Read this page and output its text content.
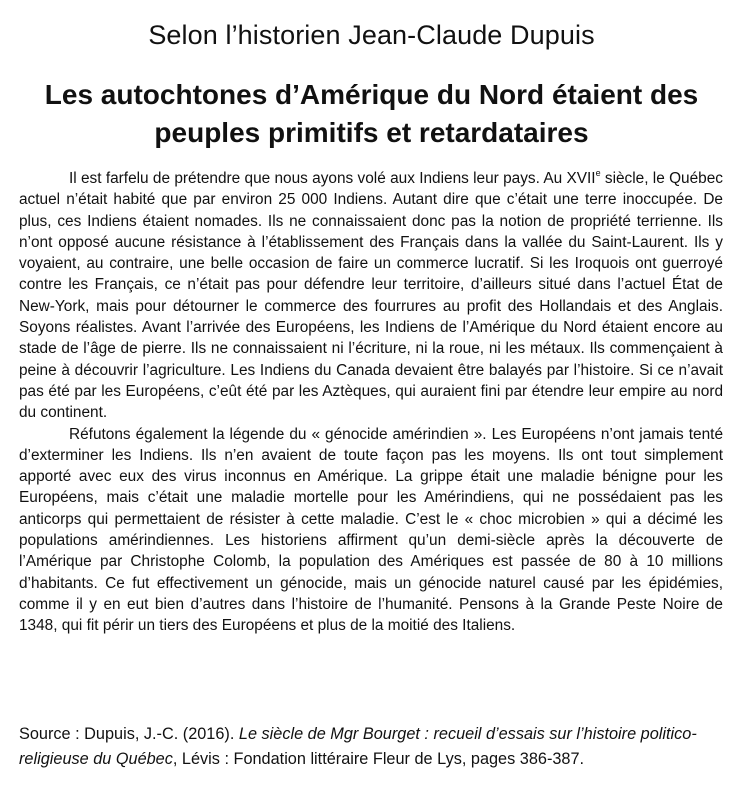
Selon l’historien Jean-Claude Dupuis
Les autochtones d’Amérique du Nord étaient des peuples primitifs et retardataires

Il est farfelu de prétendre que nous ayons volé aux Indiens leur pays. Au XVIIe siècle, le Québec actuel n’était habité que par environ 25 000 Indiens. Autant dire que c’était une terre inoccupée. De plus, ces Indiens étaient nomades. Ils ne connaissaient donc pas la notion de propriété terrienne. Ils n’ont opposé aucune résistance à l’établissement des Français dans la vallée du Saint-Laurent. Ils y voyaient, au contraire, une belle occasion de faire un commerce lucratif. Si les Iroquois ont guerroyé contre les Français, ce n’était pas pour défendre leur territoire, d’ailleurs situé dans l’actuel État de New-York, mais pour détourner le commerce des fourrures au profit des Hollandais et des Anglais. Soyons réalistes. Avant l’arrivée des Européens, les Indiens de l’Amérique du Nord étaient encore au stade de l’âge de pierre. Ils ne connaissaient ni l’écriture, ni la roue, ni les métaux. Ils commençaient à peine à découvrir l’agriculture. Les Indiens du Canada devaient être balayés par l’histoire. Si ce n’avait pas été par les Européens, c’eût été par les Aztèques, qui auraient fini par étendre leur empire au nord du continent.

Réfutons également la légende du « génocide amérindien ». Les Européens n’ont jamais tenté d’exterminer les Indiens. Ils n’en avaient de toute façon pas les moyens. Ils ont tout simplement apporté avec eux des virus inconnus en Amérique. La grippe était une maladie bénigne pour les Européens, mais c’était une maladie mortelle pour les Amérindiens, qui ne possédaient pas les anticorps qui permettaient de résister à cette maladie. C’est le « choc microbien » qui a décimé les populations amérindiennes. Les historiens affirment qu’un demi-siècle après la découverte de l’Amérique par Christophe Colomb, la population des Amériques est passée de 80 à 10 millions d’habitants. Ce fut effectivement un génocide, mais un génocide naturel causé par les épidémies, comme il y en eut bien d’autres dans l’histoire de l’humanité. Pensons à la Grande Peste Noire de 1348, qui fit périr un tiers des Européens et plus de la moitié des Italiens.

Source : Dupuis, J.-C. (2016). Le siècle de Mgr Bourget : recueil d’essais sur l’histoire politico-religieuse du Québec, Lévis : Fondation littéraire Fleur de Lys, pages 386-387.
